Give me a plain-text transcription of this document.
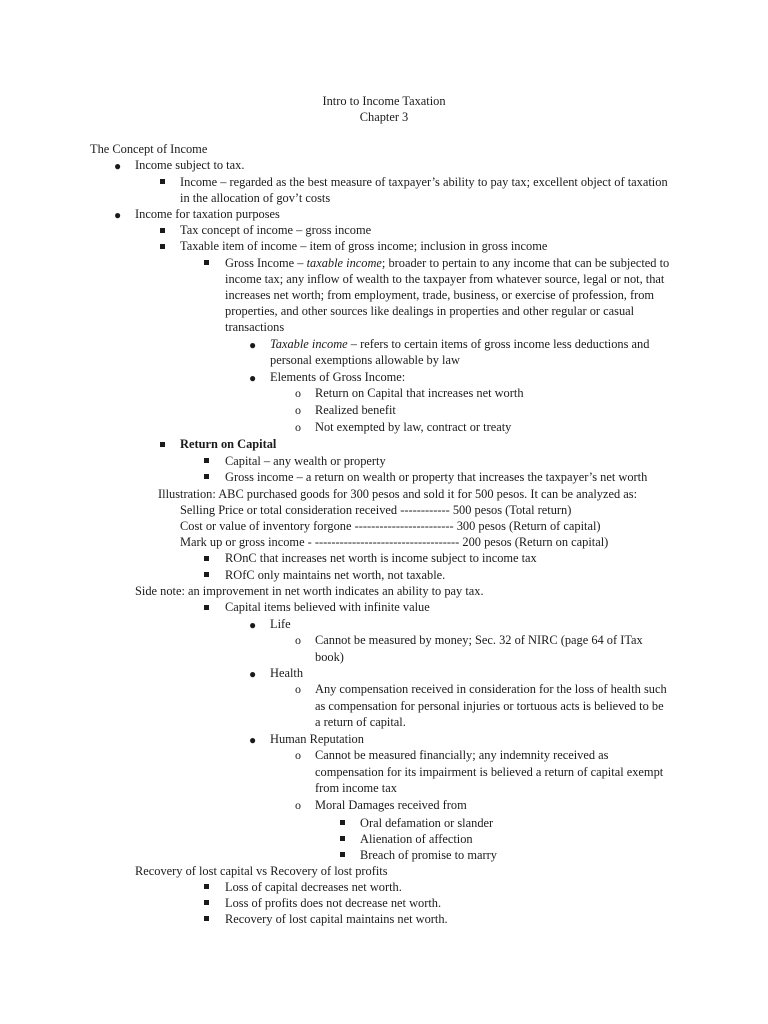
Intro to Income Taxation
Chapter 3
The Concept of Income
● Income subject to tax.
Income – regarded as the best measure of taxpayer’s ability to pay tax; excellent object of taxation
in the allocation of gov’t costs
● Income for taxation purposes
Tax concept of income – gross income
Taxable item of income – item of gross income; inclusion in gross income
Gross Income – taxable income; broader to pertain to any income that can be subjected to
income tax; any inflow of wealth to the taxpayer from whatever source, legal or not, that
increases net worth; from employment, trade, business, or exercise of profession, from
properties, and other sources like dealings in properties and other regular or casual
transactions
● Taxable income – refers to certain items of gross income less deductions and
personal exemptions allowable by law
● Elements of Gross Income:
o Return on Capital that increases net worth
o Realized benefit
o Not exempted by law, contract or treaty
Return on Capital
Capital – any wealth or property
Gross income – a return on wealth or property that increases the taxpayer’s net worth
Illustration: ABC purchased goods for 300 pesos and sold it for 500 pesos. It can be analyzed as:
Selling Price or total consideration received ------------ 500 pesos (Total return)
Cost or value of inventory forgone ------------------------ 300 pesos (Return of capital)
Mark up or gross income - ----------------------------------- 200 pesos (Return on capital)
ROnC that increases net worth is income subject to income tax
ROfC only maintains net worth, not taxable.
Side note: an improvement in net worth indicates an ability to pay tax.
Capital items believed with infinite value
● Life
o Cannot be measured by money; Sec. 32 of NIRC (page 64 of ITax
book)
● Health
o Any compensation received in consideration for the loss of health such
as compensation for personal injuries or tortuous acts is believed to be
a return of capital.
● Human Reputation
o Cannot be measured financially; any indemnity received as
compensation for its impairment is believed a return of capital exempt
from income tax
o Moral Damages received from
Oral defamation or slander
Alienation of affection
Breach of promise to marry
Recovery of lost capital vs Recovery of lost profits
Loss of capital decreases net worth.
Loss of profits does not decrease net worth.
Recovery of lost capital maintains net worth.
